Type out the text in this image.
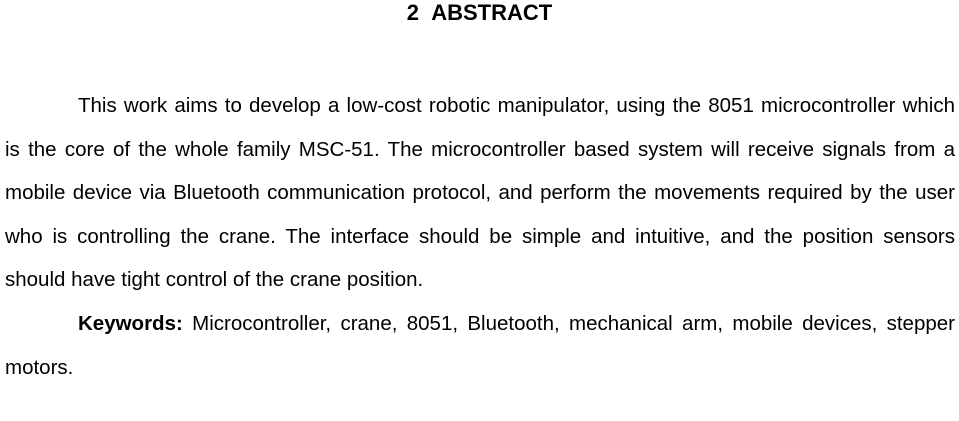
2 ABSTRACT

This work aims to develop a low-cost robotic manipulator, using the 8051 microcontroller which is the core of the whole family MSC-51. The microcontroller based system will receive signals from a mobile device via Bluetooth communication protocol, and perform the movements required by the user who is controlling the crane. The interface should be simple and intuitive, and the position sensors should have tight control of the crane position.

Keywords: Microcontroller, crane, 8051, Bluetooth, mechanical arm, mobile devices, stepper motors.
